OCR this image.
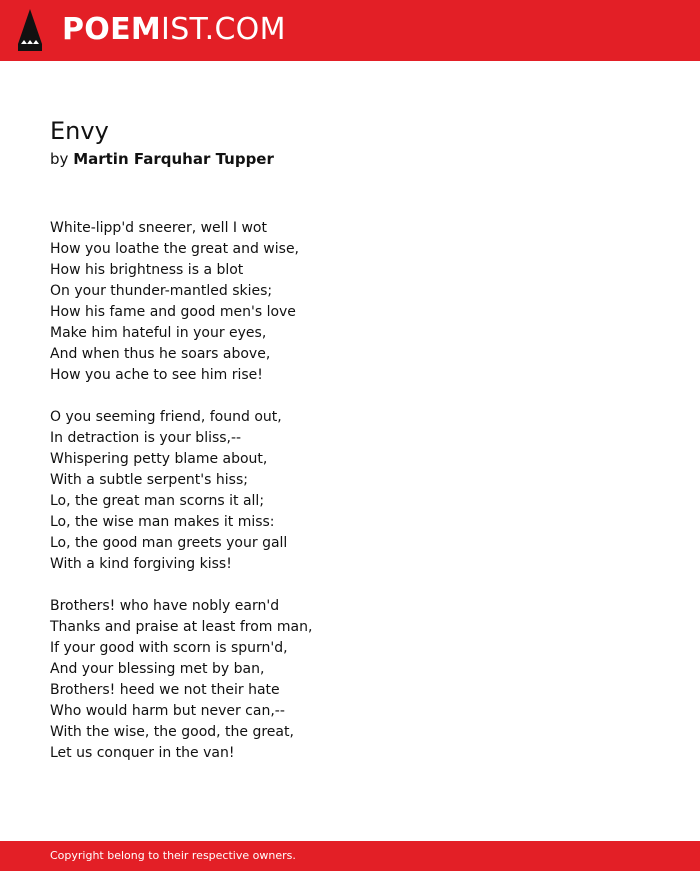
POEMIST.COM
Envy
by Martin Farquhar Tupper
White-lipp'd sneerer, well I wot
How you loathe the great and wise,
How his brightness is a blot
On your thunder-mantled skies;
How his fame and good men's love
Make him hateful in your eyes,
And when thus he soars above,
How you ache to see him rise!
O you seeming friend, found out,
In detraction is your bliss,--
Whispering petty blame about,
With a subtle serpent's hiss;
Lo, the great man scorns it all;
Lo, the wise man makes it miss:
Lo, the good man greets your gall
With a kind forgiving kiss!
Brothers! who have nobly earn'd
Thanks and praise at least from man,
If your good with scorn is spurn'd,
And your blessing met by ban,
Brothers! heed we not their hate
Who would harm but never can,--
With the wise, the good, the great,
Let us conquer in the van!
Copyright belong to their respective owners.
